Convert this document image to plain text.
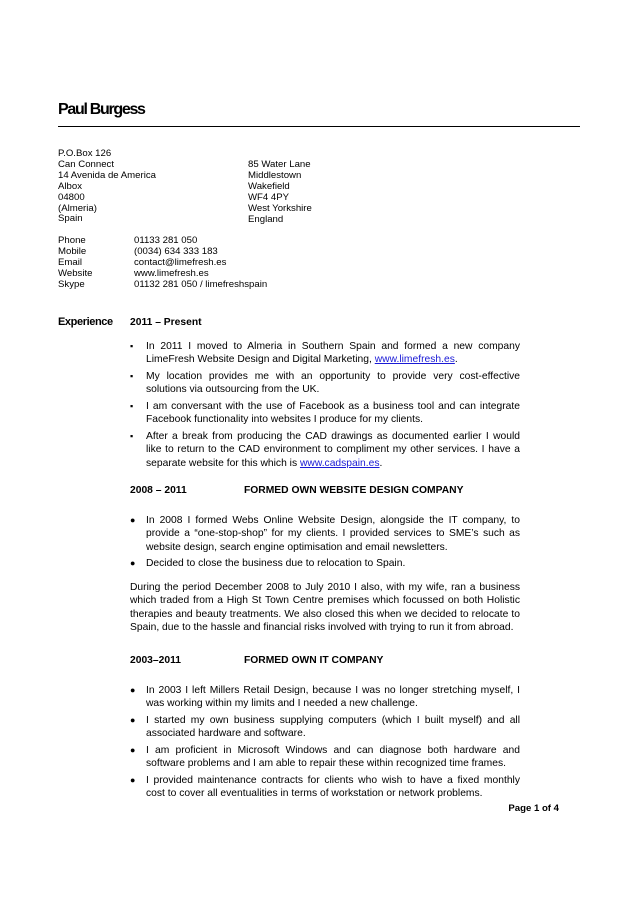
Paul Burgess
P.O.Box 126
Can Connect
14 Avenida de America
Albox
04800
(Almeria)
Spain
85 Water Lane
Middlestown
Wakefield
WF4 4PY
West Yorkshire
England
Phone	01133 281 050
Mobile	(0034) 634 333 183
Email	contact@limefresh.es
Website	www.limefresh.es
Skype	01132 281 050 / limefreshspain
Experience 2011 – Present
▪ In 2011 I moved to Almeria in Southern Spain and formed a new company LimeFresh Website Design and Digital Marketing, www.limefresh.es.
▪ My location provides me with an opportunity to provide very cost-effective solutions via outsourcing from the UK.
▪ I am conversant with the use of Facebook as a business tool and can integrate Facebook functionality into websites I produce for my clients.
▪ After a break from producing the CAD drawings as documented earlier I would like to return to the CAD environment to compliment my other services. I have a separate website for this which is www.cadspain.es.
2008 – 2011	FORMED OWN WEBSITE DESIGN COMPANY
● In 2008 I formed Webs Online Website Design, alongside the IT company, to provide a “one-stop-shop” for my clients. I provided services to SME’s such as website design, search engine optimisation and email newsletters.
● Decided to close the business due to relocation to Spain.
During the period December 2008 to July 2010 I also, with my wife, ran a business which traded from a High St Town Centre premises which focussed on both Holistic therapies and beauty treatments. We also closed this when we decided to relocate to Spain, due to the hassle and financial risks involved with trying to run it from abroad.
2003–2011	FORMED OWN IT COMPANY
● In 2003 I left Millers Retail Design, because I was no longer stretching myself, I was working within my limits and I needed a new challenge.
● I started my own business supplying computers (which I built myself) and all associated hardware and software.
● I am proficient in Microsoft Windows and can diagnose both hardware and software problems and I am able to repair these within recognized time frames.
● I provided maintenance contracts for clients who wish to have a fixed monthly cost to cover all eventualities in terms of workstation or network problems.
Page 1 of 4
